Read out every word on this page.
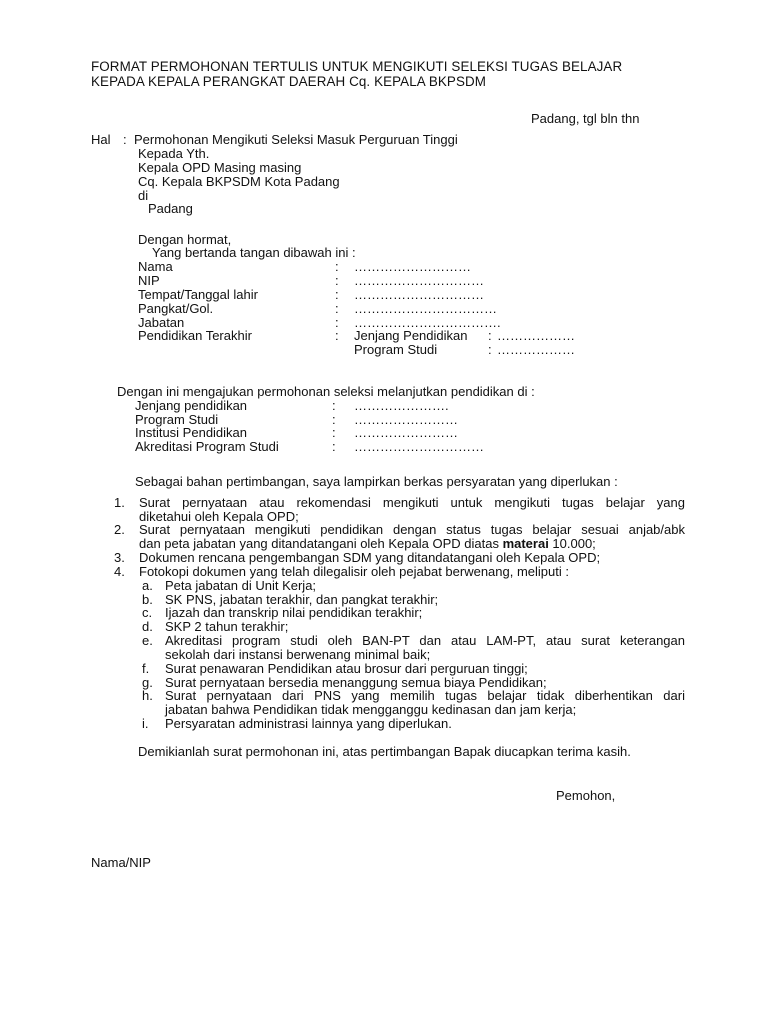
FORMAT PERMOHONAN TERTULIS UNTUK MENGIKUTI SELEKSI TUGAS BELAJAR
KEPADA KEPALA PERANGKAT DAERAH Cq. KEPALA BKPSDM
Padang, tgl bln thn
Hal : Permohonan Mengikuti Seleksi Masuk Perguruan Tinggi
Kepada Yth.
Kepala OPD Masing masing
Cq. Kepala BKPSDM Kota Padang
di
Padang
Dengan hormat,
Yang bertanda tangan dibawah ini :
Nama	: ………………………
NIP	: …………………………
Tempat/Tanggal lahir	: …………………………
Pangkat/Gol.	: ……………………………
Jabatan	: …………………………….
Pendidikan Terakhir	: Jenjang Pendidikan : ………………
Program Studi	: ………………
Dengan ini mengajukan permohonan seleksi melanjutkan pendidikan di :
Jenjang pendidikan	: ………………….
Program Studi	: ……………………
Institusi Pendidikan	: ……………………
Akreditasi Program Studi	: …………………………
Sebagai bahan pertimbangan, saya lampirkan berkas persyaratan yang diperlukan :
1. Surat pernyataan atau rekomendasi mengikuti untuk mengikuti tugas belajar yang
diketahui oleh Kepala OPD;
2. Surat pernyataan mengikuti pendidikan dengan status tugas belajar sesuai anjab/abk
dan peta jabatan yang ditandatangani oleh Kepala OPD diatas materai 10.000;
3. Dokumen rencana pengembangan SDM yang ditandatangani oleh Kepala OPD;
4. Fotokopi dokumen yang telah dilegalisir oleh pejabat berwenang, meliputi :
a. Peta jabatan di Unit Kerja;
b. SK PNS, jabatan terakhir, dan pangkat terakhir;
c. Ijazah dan transkrip nilai pendidikan terakhir;
d. SKP 2 tahun terakhir;
e. Akreditasi program studi oleh BAN-PT dan atau LAM-PT, atau surat keterangan
sekolah dari instansi berwenang minimal baik;
f. Surat penawaran Pendidikan atau brosur dari perguruan tinggi;
g. Surat pernyataan bersedia menanggung semua biaya Pendidikan;
h. Surat pernyataan dari PNS yang memilih tugas belajar tidak diberhentikan dari
jabatan bahwa Pendidikan tidak mengganggu kedinasan dan jam kerja;
i. Persyaratan administrasi lainnya yang diperlukan.
Demikianlah surat permohonan ini, atas pertimbangan Bapak diucapkan terima kasih.
Pemohon,
Nama/NIP
